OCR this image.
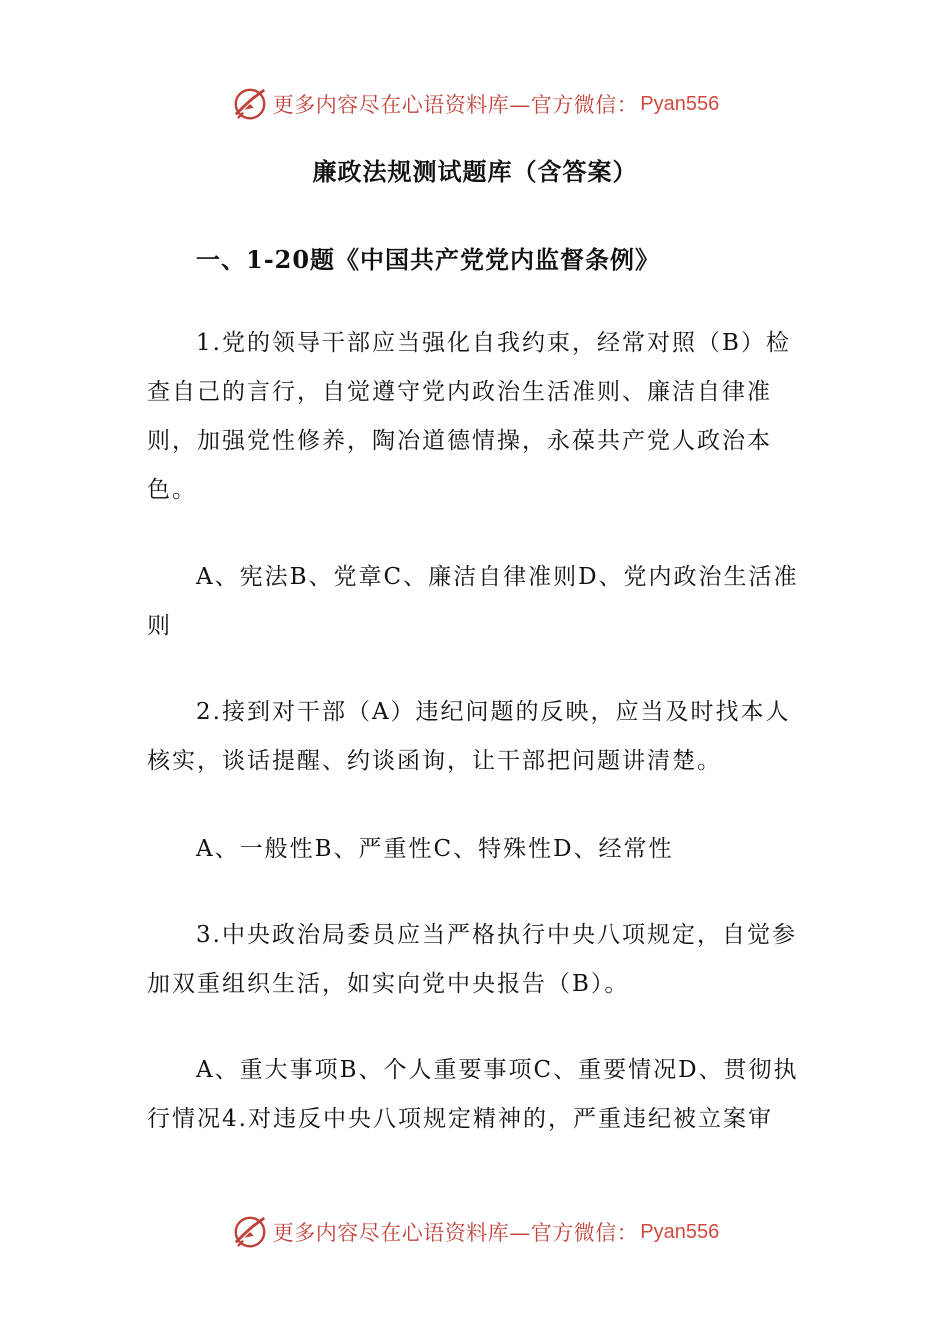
更多内容尽在心语资料库—官方微信： Pyan556
廉政法规测试题库（含答案）
一、1-20题《中国共产党党内监督条例》

1.党的领导干部应当强化自我约束，经常对照（B）检查自己的言行，自觉遵守党内政治生活准则、廉洁自律准则，加强党性修养，陶冶道德情操，永葆共产党人政治本色。

A、宪法B、党章C、廉洁自律准则D、党内政治生活准则

2.接到对干部（A）违纪问题的反映，应当及时找本人核实，谈话提醒、约谈函询，让干部把问题讲清楚。

A、一般性B、严重性C、特殊性D、经常性

3.中央政治局委员应当严格执行中央八项规定，自觉参加双重组织生活，如实向党中央报告（B）。

A、重大事项B、个人重要事项C、重要情况D、贯彻执行情况4.对违反中央八项规定精神的，严重违纪被立案审

更多内容尽在心语资料库—官方微信： Pyan556
